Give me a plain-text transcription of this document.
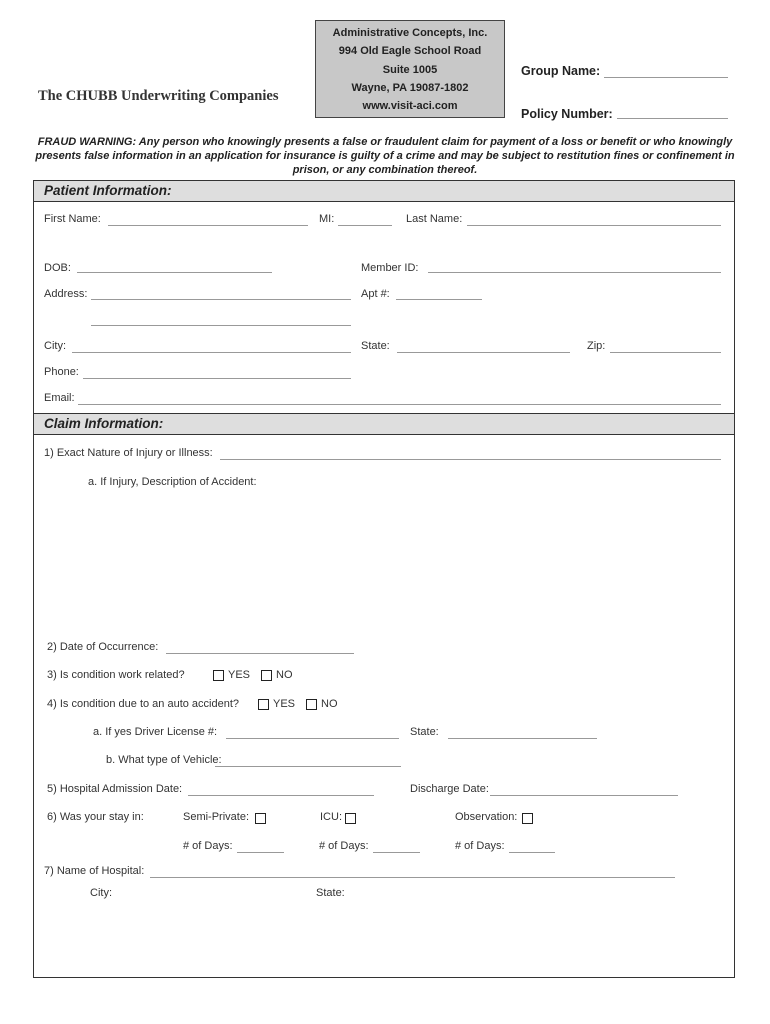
The CHUBB Underwriting Companies
Administrative Concepts, Inc.
994 Old Eagle School Road
Suite 1005
Wayne, PA 19087-1802
www.visit-aci.com
Group Name:
Policy Number:
FRAUD WARNING: Any person who knowingly presents a false or fraudulent claim for payment of a loss or benefit or who knowingly presents false information in an application for insurance is guilty of a crime and may be subject to restitution fines or confinement in prison, or any combination thereof.
Patient Information:
First Name:	MI:	Last Name:
DOB:	Member ID:
Address:	Apt #:
City:	State:	Zip:
Phone:
Email:
Claim Information:
1) Exact Nature of Injury or Illness:
a. If Injury, Description of Accident:
2) Date of Occurrence:
3) Is condition work related?	YES NO
4) Is condition due to an auto accident?	YES NO
a. If yes Driver License #:	State:
b. What type of Vehicle:
5) Hospital Admission Date:	Discharge Date:
6) Was your stay in:	Semi-Private:	ICU:	Observation:
# of Days:	# of Days:	# of Days:
7) Name of Hospital:
City:	State:
